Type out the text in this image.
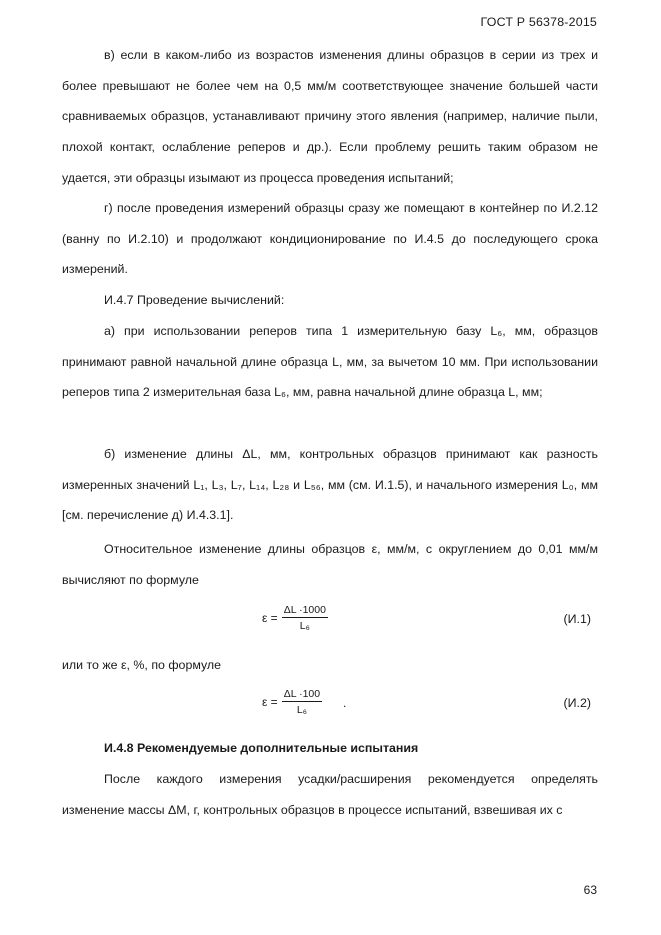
ГОСТ Р 56378-2015

в) если в каком-либо из возрастов изменения длины образцов в серии из трех и более превышают не более чем на 0,5 мм/м соответствующее значение большей части сравниваемых образцов, устанавливают причину этого явления (например, наличие пыли, плохой контакт, ослабление реперов и др.). Если проблему решить таким образом не удается, эти образцы изымают из процесса проведения испытаний;

г) после проведения измерений образцы сразу же помещают в контейнер по И.2.12 (ванну по И.2.10) и продолжают кондиционирование по И.4.5 до последующего срока измерений.

И.4.7 Проведение вычислений:

а) при использовании реперов типа 1 измерительную базу L₆, мм, образцов принимают равной начальной длине образца L, мм, за вычетом 10 мм. При использовании реперов типа 2 измерительная база L₆, мм, равна начальной длине образца L, мм;

б) изменение длины ΔL, мм, контрольных образцов принимают как разность измеренных значений L₁, L₃, L₇, L₁₄, L₂₈ и L₅₆, мм (см. И.1.5), и начального измерения L₀, мм [см. перечисление д) И.4.3.1].

Относительное изменение длины образцов ε, мм/м, с округлением до 0,01 мм/м вычисляют по формуле

$\varepsilon = \frac{\Delta L \cdot 1000}{\text{L₆}}$	(И.1)

или то же ε, %, по формуле

$\varepsilon = \frac{\Delta L \cdot 100}{\text{L₆}}$ .	(И.2)
И.4.8 Рекомендуемые дополнительные испытания

После каждого измерения усадки/расширения рекомендуется определять изменение массы ΔM, г, контрольных образцов в процессе испытаний, взвешивая их с

63
